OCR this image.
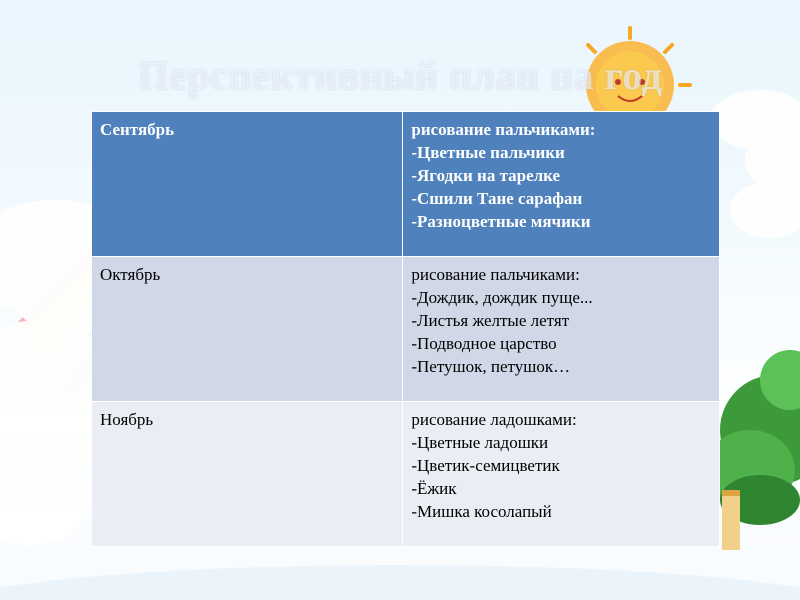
Перспективный план на год
Сентябрь	рисование пальчиками:
-Цветные пальчики
-Ягодки на тарелке
-Сшили Тане сарафан
-Разноцветные мячики

Октябрь	рисование пальчиками:
-Дождик, дождик пуще...
-Листья желтые летят
-Подводное царство
-Петушок, петушок…

Ноябрь	рисование ладошками:
-Цветные ладошки
-Цветик-семицветик
-Ёжик
-Мишка косолапый
